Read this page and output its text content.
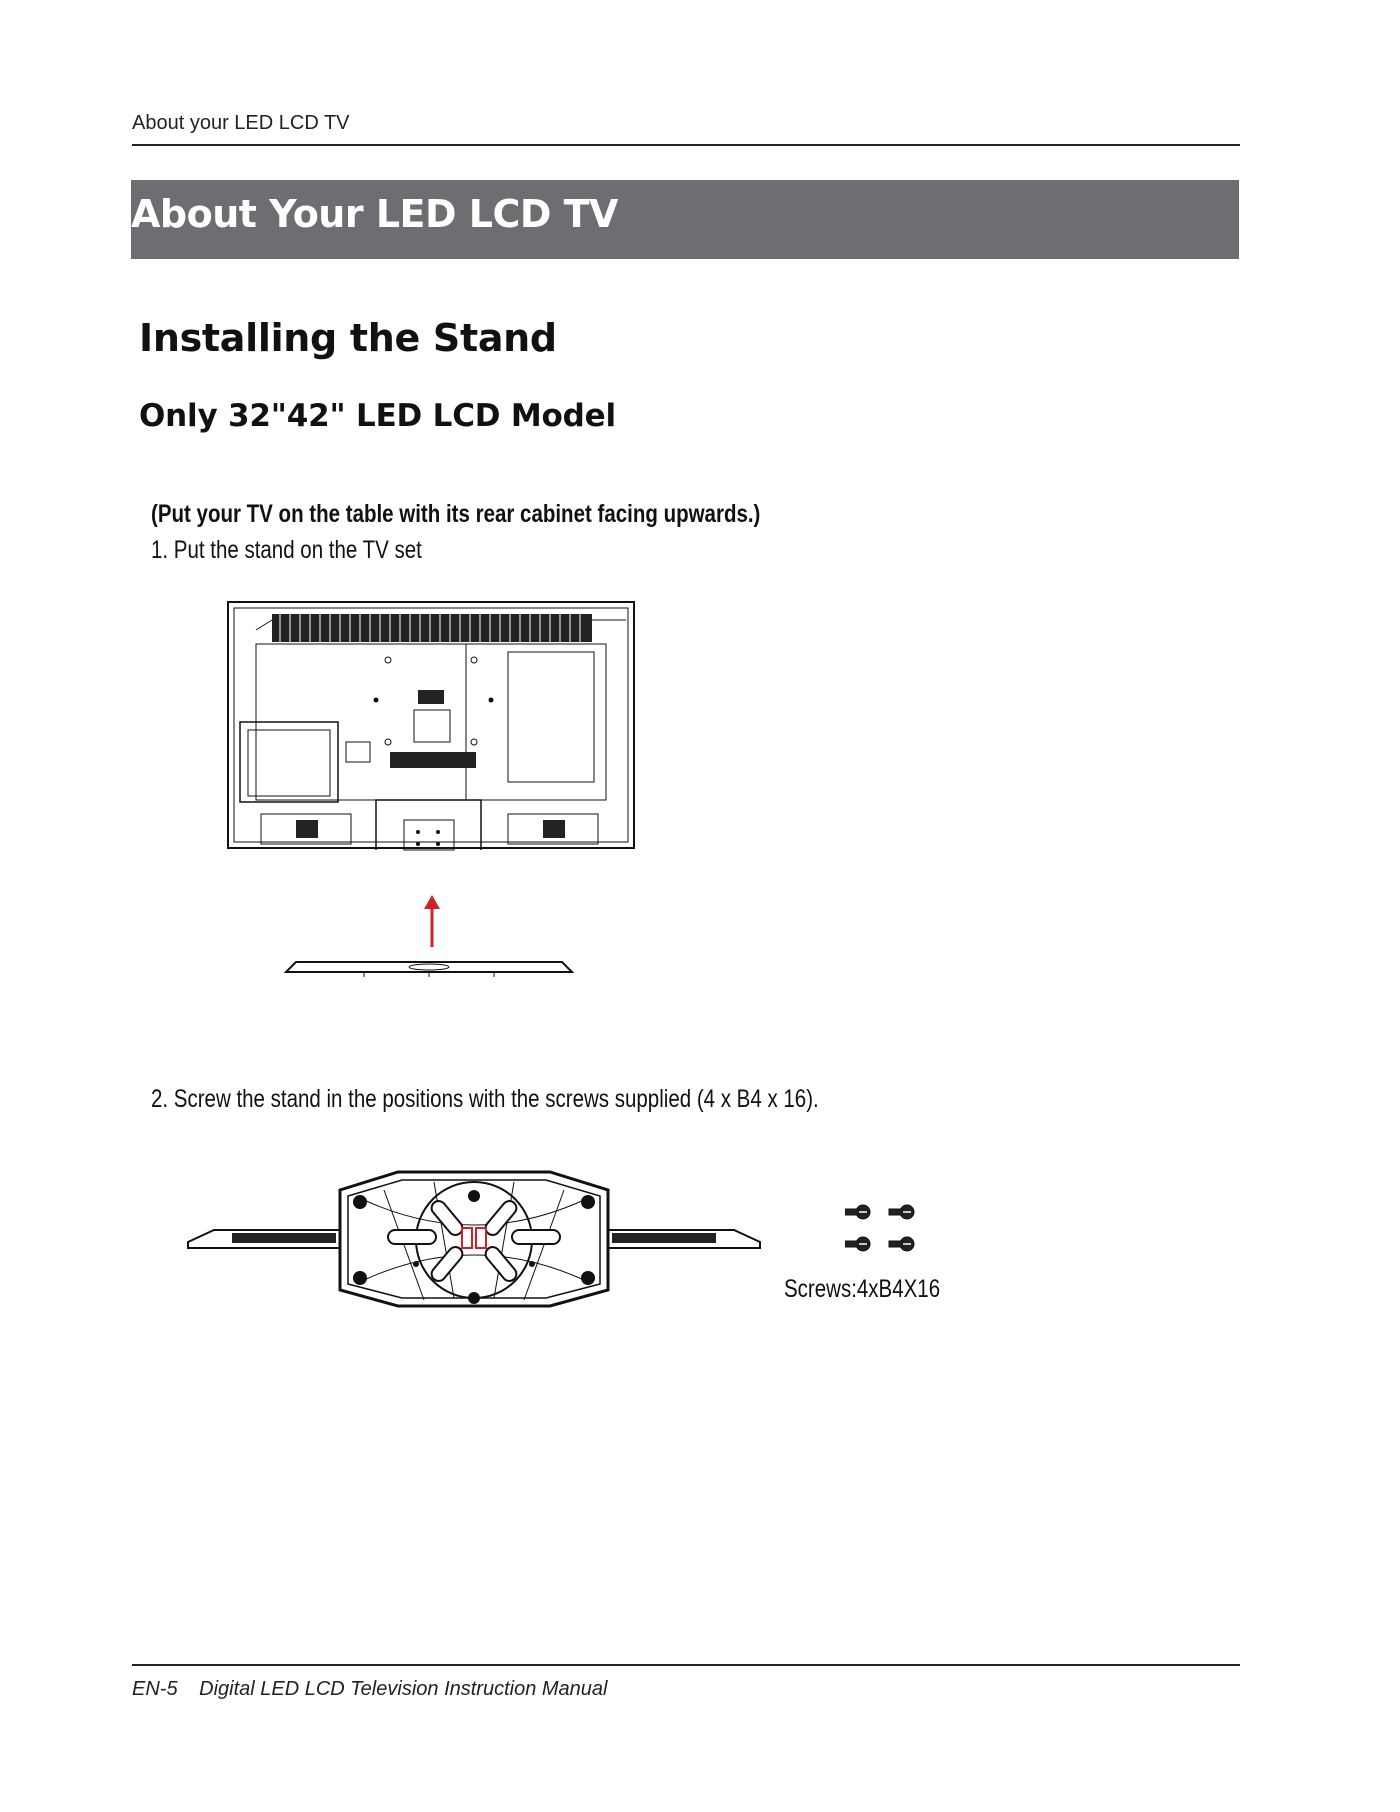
About your LED LCD TV
About Your LED LCD TV
Installing the Stand
Only 32"42" LED LCD Model
(Put your TV on the table with its rear cabinet facing upwards.)
1. Put the stand on the TV set
2. Screw the stand in the positions with the screws supplied (4 x B4 x 16).
Screws:4xB4X16
EN-5 Digital LED LCD Television Instruction Manual
